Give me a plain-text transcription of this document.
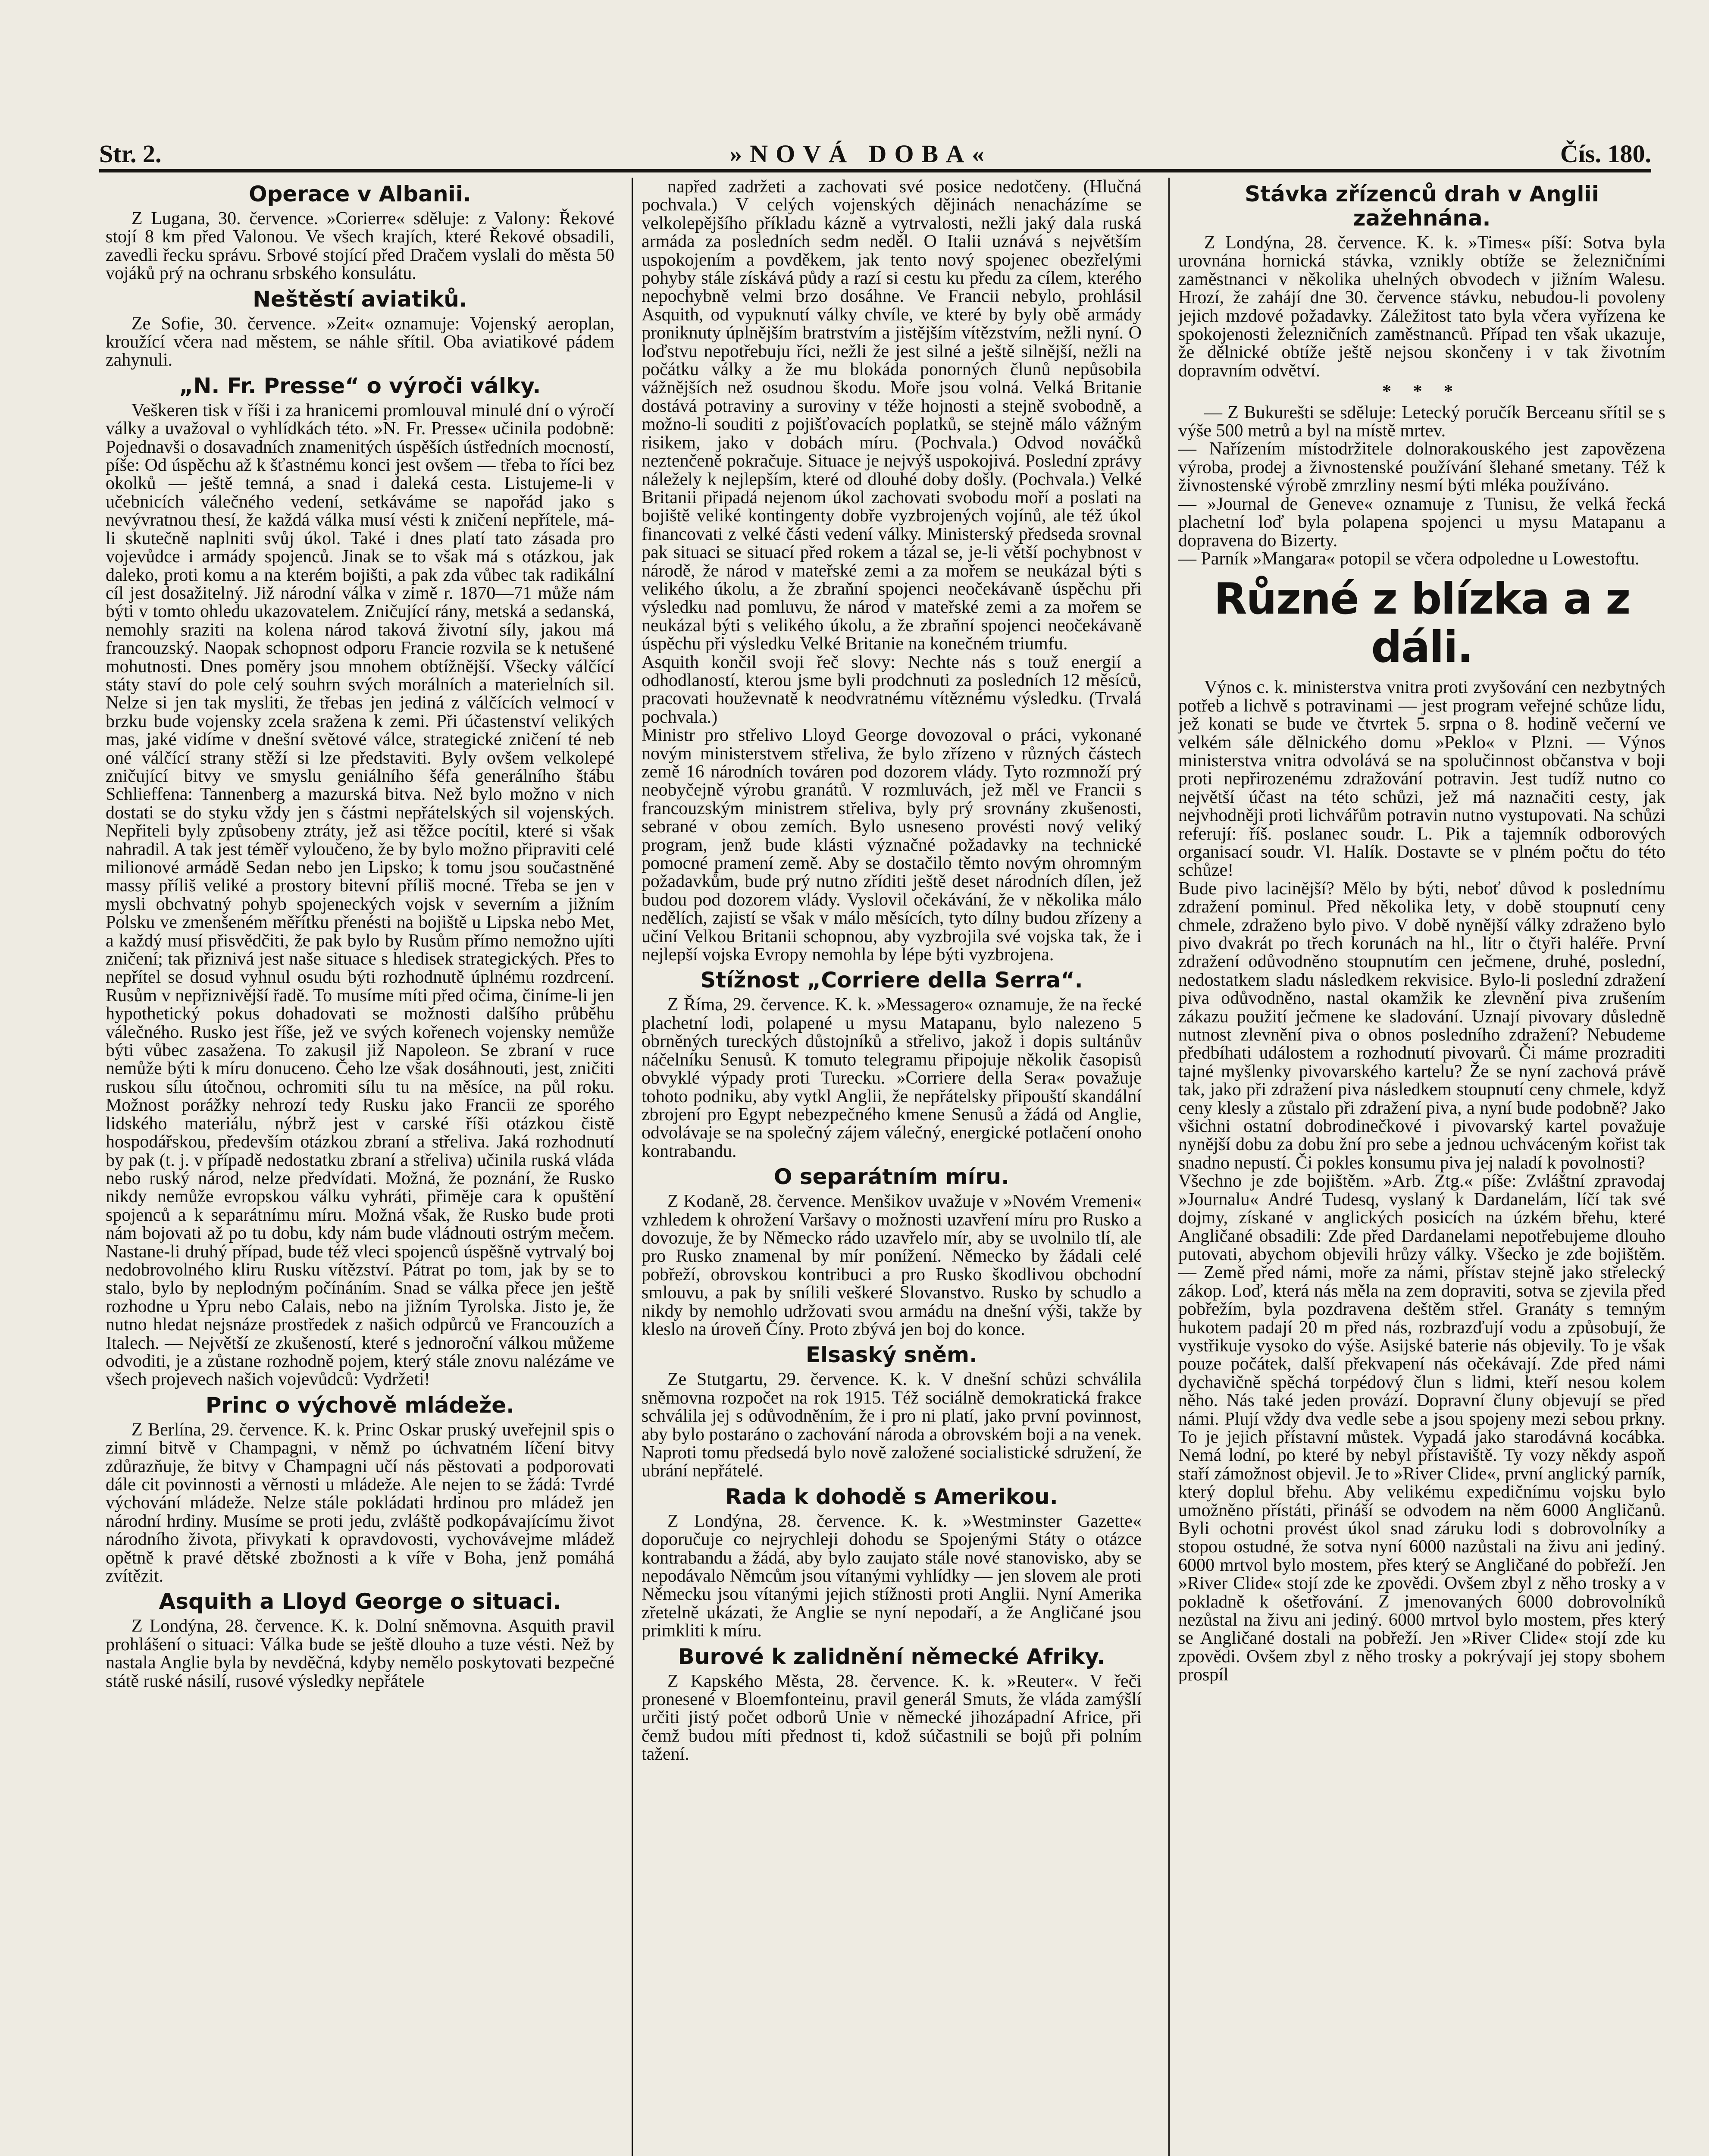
Str. 2.	»NOVÁ DOBA«	Čís. 180.
Operace v Albanii.
Z Lugana, 30. července. »Corierre« sděluje: z Valony: Řekové stojí 8 km před Valonou. Ve všech krajích, které Řekové obsadili, zavedli řecku správu. Srbové stojící před Dračem vyslali do města 50 vojáků prý na ochranu srbského konsulátu.
Neštěstí aviatiků.
Ze Sofie, 30. července. »Zeit« oznamuje: Vojenský aeroplan, kroužící včera nad městem, se náhle sřítil. Oba aviatikové pádem zahynuli.
„N. Fr. Presse“ o výroči války.
Veškeren tisk v říši i za hranicemi promlouval minulé dní o výročí války a uvažoval o vyhlídkách této. »N. Fr. Presse« učinila podobně: Pojednavši o dosavadních znamenitých úspěších ústředních mocností, píše: Od úspěchu až k šťastnému konci jest ovšem — třeba to říci bez okolků — ještě temná, a snad i daleká cesta. Listujeme-li v učebnicích válečného vedení, setkáváme se napořád jako s nevývratnou thesí, že každá válka musí vésti k zničení nepřítele, má-li skutečně naplniti svůj úkol. Také i dnes platí tato zásada pro vojevůdce i armády spojenců. Jinak se to však má s otázkou, jak daleko, proti komu a na kterém bojišti, a pak zda vůbec tak radikální cíl jest dosažitelný. Již národní válka v zimě r. 1870—71 může nám býti v tomto ohledu ukazovatelem. Zničující rány, metská a sedanská, nemohly sraziti na kolena národ taková životní síly, jakou má francouzský. Naopak schopnost odporu Francie rozvila se k netušené mohutnosti. Dnes poměry jsou mnohem obtížnější. Všecky válčící státy staví do pole celý souhrn svých morálních a materielních sil. Nelze si jen tak mysliti, že třebas jen jediná z válčících velmocí v brzku bude vojensky zcela sražena k zemi. Při účastenství velikých mas, jaké vidíme v dnešní světové válce, strategické zničení té neb oné válčící strany stěží si lze představiti. Byly ovšem velkolepé zničující bitvy ve smyslu geniálního šéfa generálního štábu Schlieffena: Tannenberg a mazurská bitva. Než bylo možno v nich dostati se do styku vždy jen s částmi nepřátelských sil vojenských. Nepřiteli byly způsobeny ztráty, jež asi těžce pocítil, které si však nahradil. A tak jest téměř vyloučeno, že by bylo možno připraviti celé milionové armádě Sedan nebo jen Lipsko; k tomu jsou součastněné massy příliš veliké a prostory bitevní příliš mocné. Třeba se jen v mysli obchvatný pohyb spojeneckých vojsk v severním a jižním Polsku ve zmenšeném měřítku přenésti na bojiště u Lipska nebo Met, a každý musí přisvědčiti, že pak bylo by Rusům přímo nemožno ujíti zničení; tak přiznivá jest naše situace s hledisek strategických. Přes to nepřítel se dosud vyhnul osudu býti rozhodnutě úplnému rozdrcení. Rusům v nepřiznivější řadě. To musíme míti před očima, činíme-li jen hypothetický pokus dohadovati se možnosti dalšího průběhu válečného. Rusko jest říše, jež ve svých kořenech vojensky nemůže býti vůbec zasažena. To zakusil již Napoleon. Se zbraní v ruce nemůže býti k míru donuceno. Čeho lze však dosáhnouti, jest, zničiti ruskou sílu útočnou, ochromiti sílu tu na měsíce, na půl roku. Možnost porážky nehrozí tedy Rusku jako Francii ze sporého lidského materiálu, nýbrž jest v carské říši otázkou čistě hospodářskou, především otázkou zbraní a střeliva. Jaká rozhodnutí by pak (t. j. v případě nedostatku zbraní a střeliva) učinila ruská vláda nebo ruský národ, nelze předvídati. Možná, že poznání, že Rusko nikdy nemůže evropskou válku vyhráti, přiměje cara k opuštění spojenců a k separátnímu míru. Možná však, že Rusko bude proti nám bojovati až po tu dobu, kdy nám bude vládnouti ostrým mečem. Nastane-li druhý případ, bude též vleci spojenců úspěšně vytrvalý boj nedobrovolného kliru Rusku vítězství. Pátrat po tom, jak by se to stalo, bylo by neplodným počínáním. Snad se válka přece jen ještě rozhodne u Ypru nebo Calais, nebo na jižním Tyrolska. Jisto je, že nutno hledat nejsnáze prostředek z našich odpůrců ve Francouzích a Italech. — Největší ze zkušeností, které s jednoroční válkou můžeme odvoditi, je a zůstane rozhodně pojem, který stále znovu nalézáme ve všech projevech našich vojevůdců: Vydržeti!
Princ o výchově mládeže.
Z Berlína, 29. července. K. k. Princ Oskar pruský uveřejnil spis o zimní bitvě v Champagni, v němž po úchvatném líčení bitvy zdůrazňuje, že bitvy v Champagni učí nás pěstovati a podporovati dále cit povinnosti a věrnosti u mládeže. Ale nejen to se žádá: Tvrdé výchování mládeže. Nelze stále pokládati hrdinou pro mládež jen národní hrdiny. Musíme se proti jedu, zvláště podkopávajícímu život národního života, přivykati k opravdovosti, vychovávejme mládež opětně k pravé dětské zbožnosti a k víře v Boha, jenž pomáhá zvítězit.
Asquith a Lloyd George o situaci.
Z Londýna, 28. července. K. k. Dolní sněmovna. Asquith pravil prohlášení o situaci: Válka bude se ještě dlouho a tuze vésti. Než by nastala Anglie byla by nevděčná, kdyby nemělo poskytovati bezpečné státě ruské násilí, rusové výsledky nepřátele
napřed zadržeti a zachovati své posice nedotčeny. (Hlučná pochvala.) V celých vojenských dějinách nenacházíme se velkolepějšího příkladu kázně a vytrvalosti, nežli jaký dala ruská armáda za posledních sedm neděl. O Italii uznává s největším uspokojením a povděkem, jak tento nový spojenec obezřelými pohyby stále získává půdy a razí si cestu ku předu za cílem, kterého nepochybně velmi brzo dosáhne. Ve Francii nebylo, prohlásil Asquith, od vypuknutí války chvíle, ve které by byly obě armády proniknuty úplnějším bratrstvím a jistějším vítězstvím, nežli nyní. O loďstvu nepotřebuju říci, nežli že jest silné a ještě silnější, nežli na počátku války a že mu blokáda ponorných člunů nepůsobila vážnějších než osudnou škodu. Moře jsou volná. Velká Britanie dostává potraviny a suroviny v téže hojnosti a stejně svobodně, a možno-li souditi z pojišťovacích poplatků, se stejně málo vážným risikem, jako v dobách míru. (Pochvala.) Odvod nováčků neztenčeně pokračuje. Situace je nejvýš uspokojivá. Poslední zprávy náležely k nejlepším, které od dlouhé doby došly. (Pochvala.) Velké Britanii připadá nejenom úkol zachovati svobodu moří a poslati na bojiště veliké kontingenty dobře vyzbrojených vojínů, ale též úkol financovati z velké části vedení války. Ministerský předseda srovnal pak situaci se situací před rokem a tázal se, je-li větší pochybnost v národě, že národ v mateřské zemi a za mořem se neukázal býti s velikého úkolu, a že zbraňní spojenci neočekávaně úspěchu při výsledku nad pomluvu, že národ v mateřské zemi a za mořem se neukázal býti s velikého úkolu, a že zbraňní spojenci neočekávaně úspěchu při výsledku Velké Britanie na konečném triumfu.
Asquith končil svoji řeč slovy: Nechte nás s touž energií a odhodlaností, kterou jsme byli prodchnuti za posledních 12 měsíců, pracovati houževnatě k neodvratnému vítěznému výsledku. (Trvalá pochvala.)
Ministr pro střelivo Lloyd George dovozoval o práci, vykonané novým ministerstvem střeliva, že bylo zřízeno v různých částech země 16 národních továren pod dozorem vlády. Tyto rozmnoží prý neobyčejně výrobu granátů. V rozmluvách, jež měl ve Francii s francouzským ministrem střeliva, byly prý srovnány zkušenosti, sebrané v obou zemích. Bylo usneseno provésti nový veliký program, jenž bude klásti význačné požadavky na technické pomocné pramení země. Aby se dostačilo těmto novým ohromným požadavkům, bude prý nutno zříditi ještě deset národních dílen, jež budou pod dozorem vlády. Vyslovil očekávání, že v několika málo nedělích, zajistí se však v málo měsících, tyto dílny budou zřízeny a učiní Velkou Britanii schopnou, aby vyzbrojila své vojska tak, že i nejlepší vojska Evropy nemohla by lépe býti vyzbrojena.
Stížnost „Corriere della Serra“.
Z Říma, 29. července. K. k. »Messagero« oznamuje, že na řecké plachetní lodi, polapené u mysu Matapanu, bylo nalezeno 5 obrněných tureckých důstojníků a střelivo, jakož i dopis sultánův náčelníku Senusů. K tomuto telegramu připojuje několik časopisů obvyklé výpady proti Turecku. »Corriere della Sera« považuje tohoto podniku, aby vytkl Anglii, že nepřátelsky připouští skandální zbrojení pro Egypt nebezpečného kmene Senusů a žádá od Anglie, odvolávaje se na společný zájem válečný, energické potlačení onoho kontrabandu.
O separátním míru.
Z Kodaně, 28. července. Menšikov uvažuje v »Novém Vremeni« vzhledem k ohrožení Varšavy o možnosti uzavření míru pro Rusko a dovozuje, že by Německo rádo uzavřelo mír, aby se uvolnilo tlí, ale pro Rusko znamenal by mír ponížení. Německo by žádali celé pobřeží, obrovskou kontribuci a pro Rusko škodlivou obchodní smlouvu, a pak by snílili veškeré Slovanstvo. Rusko by schudlo a nikdy by nemohlo udržovati svou armádu na dnešní výši, takže by kleslo na úroveň Číny. Proto zbývá jen boj do konce.
Elsaský sněm.
Ze Stutgartu, 29. července. K. k. V dnešní schůzi schválila sněmovna rozpočet na rok 1915. Též sociálně demokratická frakce schválila jej s odůvodněním, že i pro ni platí, jako první povinnost, aby bylo postaráno o zachování národa a obrovském boji a na venek. Naproti tomu předsedá bylo nově založené socialistické sdružení, že ubrání nepřátelé.
Rada k dohodě s Amerikou.
Z Londýna, 28. července. K. k. »Westminster Gazette« doporučuje co nejrychleji dohodu se Spojenými Státy o otázce kontrabandu a žádá, aby bylo zaujato stále nové stanovisko, aby se nepodávalo Němcům jsou vítanými vyhlídky — jen slovem ale proti Německu jsou vítanými jejich stížnosti proti Anglii. Nyní Amerika zřetelně ukázati, že Anglie se nyní nepodaří, a že Angličané jsou primkliti k míru.
Burové k zalidnění německé Afriky.
Z Kapského Města, 28. července. K. k. »Reuter«. V řeči pronesené v Bloemfonteinu, pravil generál Smuts, že vláda zamýšlí určiti jistý počet odborů Unie v německé jihozápadní Africe, při čemž budou míti přednost ti, kdož súčastnili se bojů při polním tažení.
Stávka zřízenců drah v Anglii zažehnána.
Z Londýna, 28. července. K. k. »Times« píší: Sotva byla urovnána hornická stávka, vznikly obtíže se železničními zaměstnanci v několika uhelných obvodech v jižním Walesu. Hrozí, že zahájí dne 30. července stávku, nebudou-li povoleny jejich mzdové požadavky. Záležitost tato byla včera vyřízena ke spokojenosti železničních zaměstnanců. Případ ten však ukazuje, že dělnické obtíže ještě nejsou skončeny i v tak životním dopravním odvětví.
* * *
— Z Bukurešti se sděluje: Letecký poručík Berceanu sřítil se s výše 500 metrů a byl na místě mrtev.
— Nařízením místodržitele dolnorakouského jest zapovězena výroba, prodej a živnostenské používání šlehané smetany. Též k živnostenské výrobě zmrzliny nesmí býti mléka používáno.
— »Journal de Geneve« oznamuje z Tunisu, že velká řecká plachetní loď byla polapena spojenci u mysu Matapanu a dopravena do Bizerty.
— Parník »Mangara« potopil se včera odpoledne u Lowestoftu.
Různé z blízka a z dáli.
Výnos c. k. ministerstva vnitra proti zvyšování cen nezbytných potřeb a lichvě s potravinami — jest program veřejné schůze lidu, jež konati se bude ve čtvrtek 5. srpna o 8. hodině večerní ve velkém sále dělnického domu »Peklo« v Plzni. — Výnos ministerstva vnitra odvolává se na spolučinnost občanstva v boji proti nepřirozenému zdražování potravin. Jest tudíž nutno co největší účast na této schůzi, jež má naznačiti cesty, jak nejvhodněji proti lichvářům potravin nutno vystupovati. Na schůzi referují: říš. poslanec soudr. L. Pik a tajemník odborových organisací soudr. Vl. Halík. Dostavte se v plném počtu do této schůze!
Bude pivo lacinější? Mělo by býti, neboť důvod k poslednímu zdražení pominul. Před několika lety, v době stoupnutí ceny chmele, zdraženo bylo pivo. V době nynější války zdraženo bylo pivo dvakrát po třech korunách na hl., litr o čtyři haléře. První zdražení odůvodněno stoupnutím cen ječmene, druhé, poslední, nedostatkem sladu následkem rekvisice. Bylo-li poslední zdražení piva odůvodněno, nastal okamžik ke zlevnění piva zrušením zákazu použití ječmene ke sladování. Uznají pivovary důsledně nutnost zlevnění piva o obnos posledního zdražení? Nebudeme předbíhati událostem a rozhodnutí pivovarů. Či máme prozraditi tajné myšlenky pivovarského kartelu? Že se nyní zachová právě tak, jako při zdražení piva následkem stoupnutí ceny chmele, když ceny klesly a zůstalo při zdražení piva, a nyní bude podobně? Jako všichni ostatní dobrodinečkové i pivovarský kartel považuje nynější dobu za dobu žní pro sebe a jednou uchváceným kořist tak snadno nepustí. Či pokles konsumu piva jej naladí k povolnosti?
Všechno je zde bojištěm. »Arb. Ztg.« píše: Zvláštní zpravodaj »Journalu« André Tudesq, vyslaný k Dardanelám, líčí tak své dojmy, získané v anglických posicích na úzkém břehu, které Angličané obsadili: Zde před Dardanelami nepotřebujeme dlouho putovati, abychom objevili hrůzy války. Všecko je zde bojištěm. — Země před námi, moře za námi, přístav stejně jako střelecký zákop. Loď, která nás měla na zem dopraviti, sotva se zjevila před pobřežím, byla pozdravena deštěm střel. Granáty s temným hukotem padají 20 m před nás, rozbrazďují vodu a způsobují, že vystřikuje vysoko do výše. Asijské baterie nás objevily. To je však pouze počátek, další překvapení nás očekávají. Zde před námi dychavičně spěchá torpédový člun s lidmi, kteří nesou kolem něho. Nás také jeden provází. Dopravní čluny objevují se před námi. Plují vždy dva vedle sebe a jsou spojeny mezi sebou prkny. To je jejich přístavní můstek. Vypadá jako starodávná kocábka. Nemá lodní, po které by nebyl přístaviště. Ty vozy někdy aspoň staří zámožnost objevil. Je to »River Clide«, první anglický parník, který doplul břehu. Aby velikému expedičnímu vojsku bylo umožněno přístáti, přináší se odvodem na něm 6000 Angličanů. Byli ochotni provést úkol snad záruku lodi s dobrovolníky a stopou ostudné, že sotva nyní 6000 nazůstali na živu ani jediný. 6000 mrtvol bylo mostem, přes který se Angličané do pobřeží. Jen »River Clide« stojí zde ke zpovědi. Ovšem zbyl z něho trosky a v pokladně k ošetřování. Z jmenovaných 6000 dobrovolníků nezůstal na živu ani jediný. 6000 mrtvol bylo mostem, přes který se Angličané dostali na pobřeží. Jen »River Clide« stojí zde ku zpovědi. Ovšem zbyl z něho trosky a pokrývají jej stopy sbohem prospíl
